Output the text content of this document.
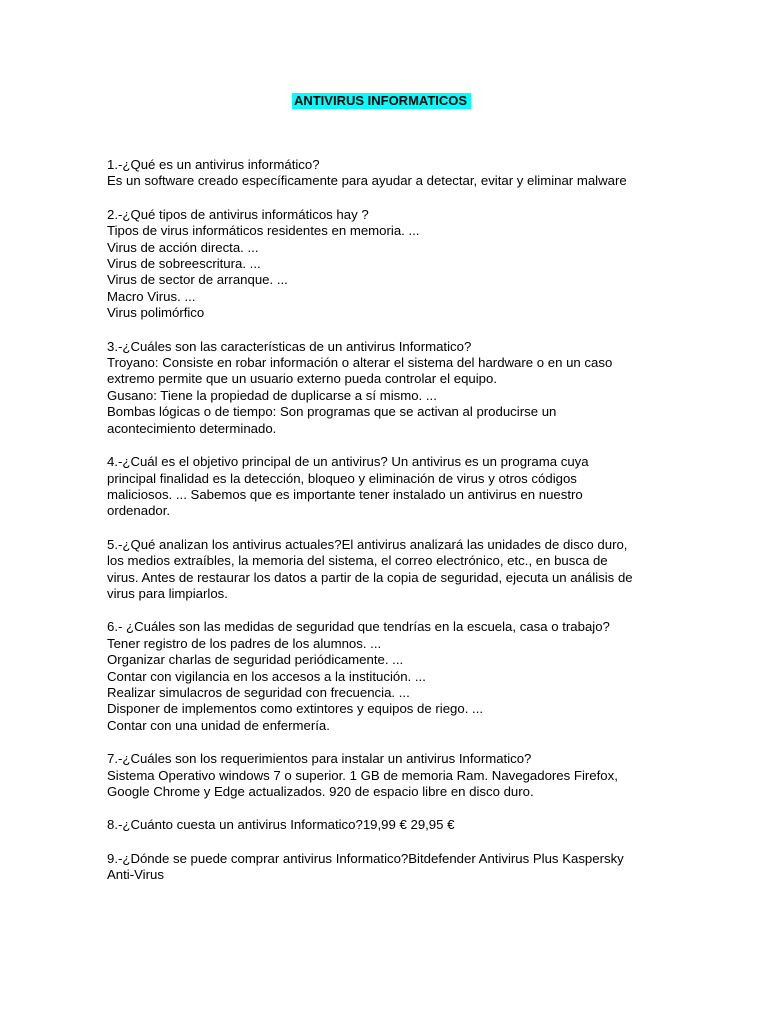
ANTIVIRUS INFORMATICOS

1.-¿Qué es un antivirus informático?

Es un software creado específicamente para ayudar a detectar, evitar y eliminar malware

2.-¿Qué tipos de antivirus informáticos hay ?

Tipos de virus informáticos residentes en memoria. ...

Virus de acción directa. ...

Virus de sobreescritura. ...

Virus de sector de arranque. ...

Macro Virus. ...

Virus polimórfico

3.-¿Cuáles son las características de un antivirus Informatico?

Troyano: Consiste en robar información o alterar el sistema del hardware o en un caso

extremo permite que un usuario externo pueda controlar el equipo.

Gusano: Tiene la propiedad de duplicarse a sí mismo. ...

Bombas lógicas o de tiempo: Son programas que se activan al producirse un

acontecimiento determinado.

4.-¿Cuál es el objetivo principal de un antivirus? Un antivirus es un programa cuya

principal finalidad es la detección, bloqueo y eliminación de virus y otros códigos

maliciosos. ... Sabemos que es importante tener instalado un antivirus en nuestro

ordenador.

5.-¿Qué analizan los antivirus actuales?El antivirus analizará las unidades de disco duro,

los medios extraíbles, la memoria del sistema, el correo electrónico, etc., en busca de

virus. Antes de restaurar los datos a partir de la copia de seguridad, ejecuta un análisis de

virus para limpiarlos.

6.- ¿Cuáles son las medidas de seguridad que tendrías en la escuela, casa o trabajo?

Tener registro de los padres de los alumnos. ...

Organizar charlas de seguridad periódicamente. ...

Contar con vigilancia en los accesos a la institución. ...

Realizar simulacros de seguridad con frecuencia. ...

Disponer de implementos como extintores y equipos de riego. ...

Contar con una unidad de enfermería.

7.-¿Cuáles son los requerimientos para instalar un antivirus Informatico?

Sistema Operativo windows 7 o superior. 1 GB de memoria Ram. Navegadores Firefox,

Google Chrome y Edge actualizados. 920 de espacio libre en disco duro.

8.-¿Cuánto cuesta un antivirus Informatico?19,99 € 29,95 €

9.-¿Dónde se puede comprar antivirus Informatico?Bitdefender Antivirus Plus Kaspersky

Anti-Virus
